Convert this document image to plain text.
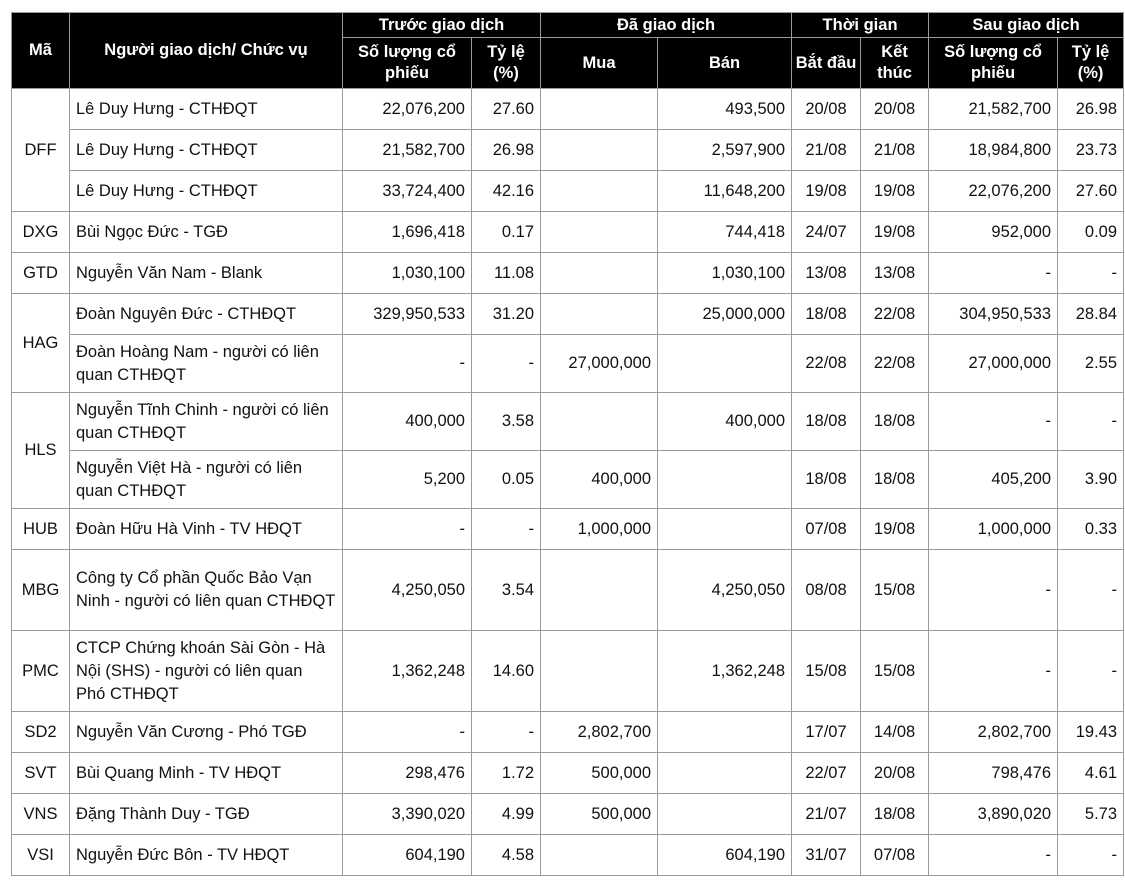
Mã	Người giao dịch/ Chức vụ	Trước giao dịch		Đã giao dịch		Thời gian		Sau giao dịch	
		Số lượng cổ phiếu	Tỷ lệ (%)	Mua	Bán	Bắt đầu	Kết thúc	Số lượng cổ phiếu	Tỷ lệ (%)
DFF	Lê Duy Hưng - CTHĐQT	22,076,200	27.60		493,500	20/08	20/08	21,582,700	26.98
	Lê Duy Hưng - CTHĐQT	21,582,700	26.98		2,597,900	21/08	21/08	18,984,800	23.73
	Lê Duy Hưng - CTHĐQT	33,724,400	42.16		11,648,200	19/08	19/08	22,076,200	27.60
DXG	Bùi Ngọc Đức - TGĐ	1,696,418	0.17		744,418	24/07	19/08	952,000	0.09
GTD	Nguyễn Văn Nam - Blank	1,030,100	11.08		1,030,100	13/08	13/08	-	-
HAG	Đoàn Nguyên Đức - CTHĐQT	329,950,533	31.20		25,000,000	18/08	22/08	304,950,533	28.84
	Đoàn Hoàng Nam - người có liên quan CTHĐQT	-	-	27,000,000		22/08	22/08	27,000,000	2.55
HLS	Nguyễn Tĩnh Chinh - người có liên quan CTHĐQT	400,000	3.58		400,000	18/08	18/08	-	-
	Nguyễn Việt Hà - người có liên quan CTHĐQT	5,200	0.05	400,000		18/08	18/08	405,200	3.90
HUB	Đoàn Hữu Hà Vinh - TV HĐQT	-	-	1,000,000		07/08	19/08	1,000,000	0.33
MBG	Công ty Cổ phần Quốc Bảo Vạn Ninh - người có liên quan CTHĐQT	4,250,050	3.54		4,250,050	08/08	15/08	-	-
PMC	CTCP Chứng khoán Sài Gòn - Hà Nội (SHS) - người có liên quan Phó CTHĐQT	1,362,248	14.60		1,362,248	15/08	15/08	-	-
SD2	Nguyễn Văn Cương - Phó TGĐ	-	-	2,802,700		17/07	14/08	2,802,700	19.43
SVT	Bùi Quang Minh - TV HĐQT	298,476	1.72	500,000		22/07	20/08	798,476	4.61
VNS	Đặng Thành Duy - TGĐ	3,390,020	4.99	500,000		21/07	18/08	3,890,020	5.73
VSI	Nguyễn Đức Bôn - TV HĐQT	604,190	4.58		604,190	31/07	07/08	-	-
